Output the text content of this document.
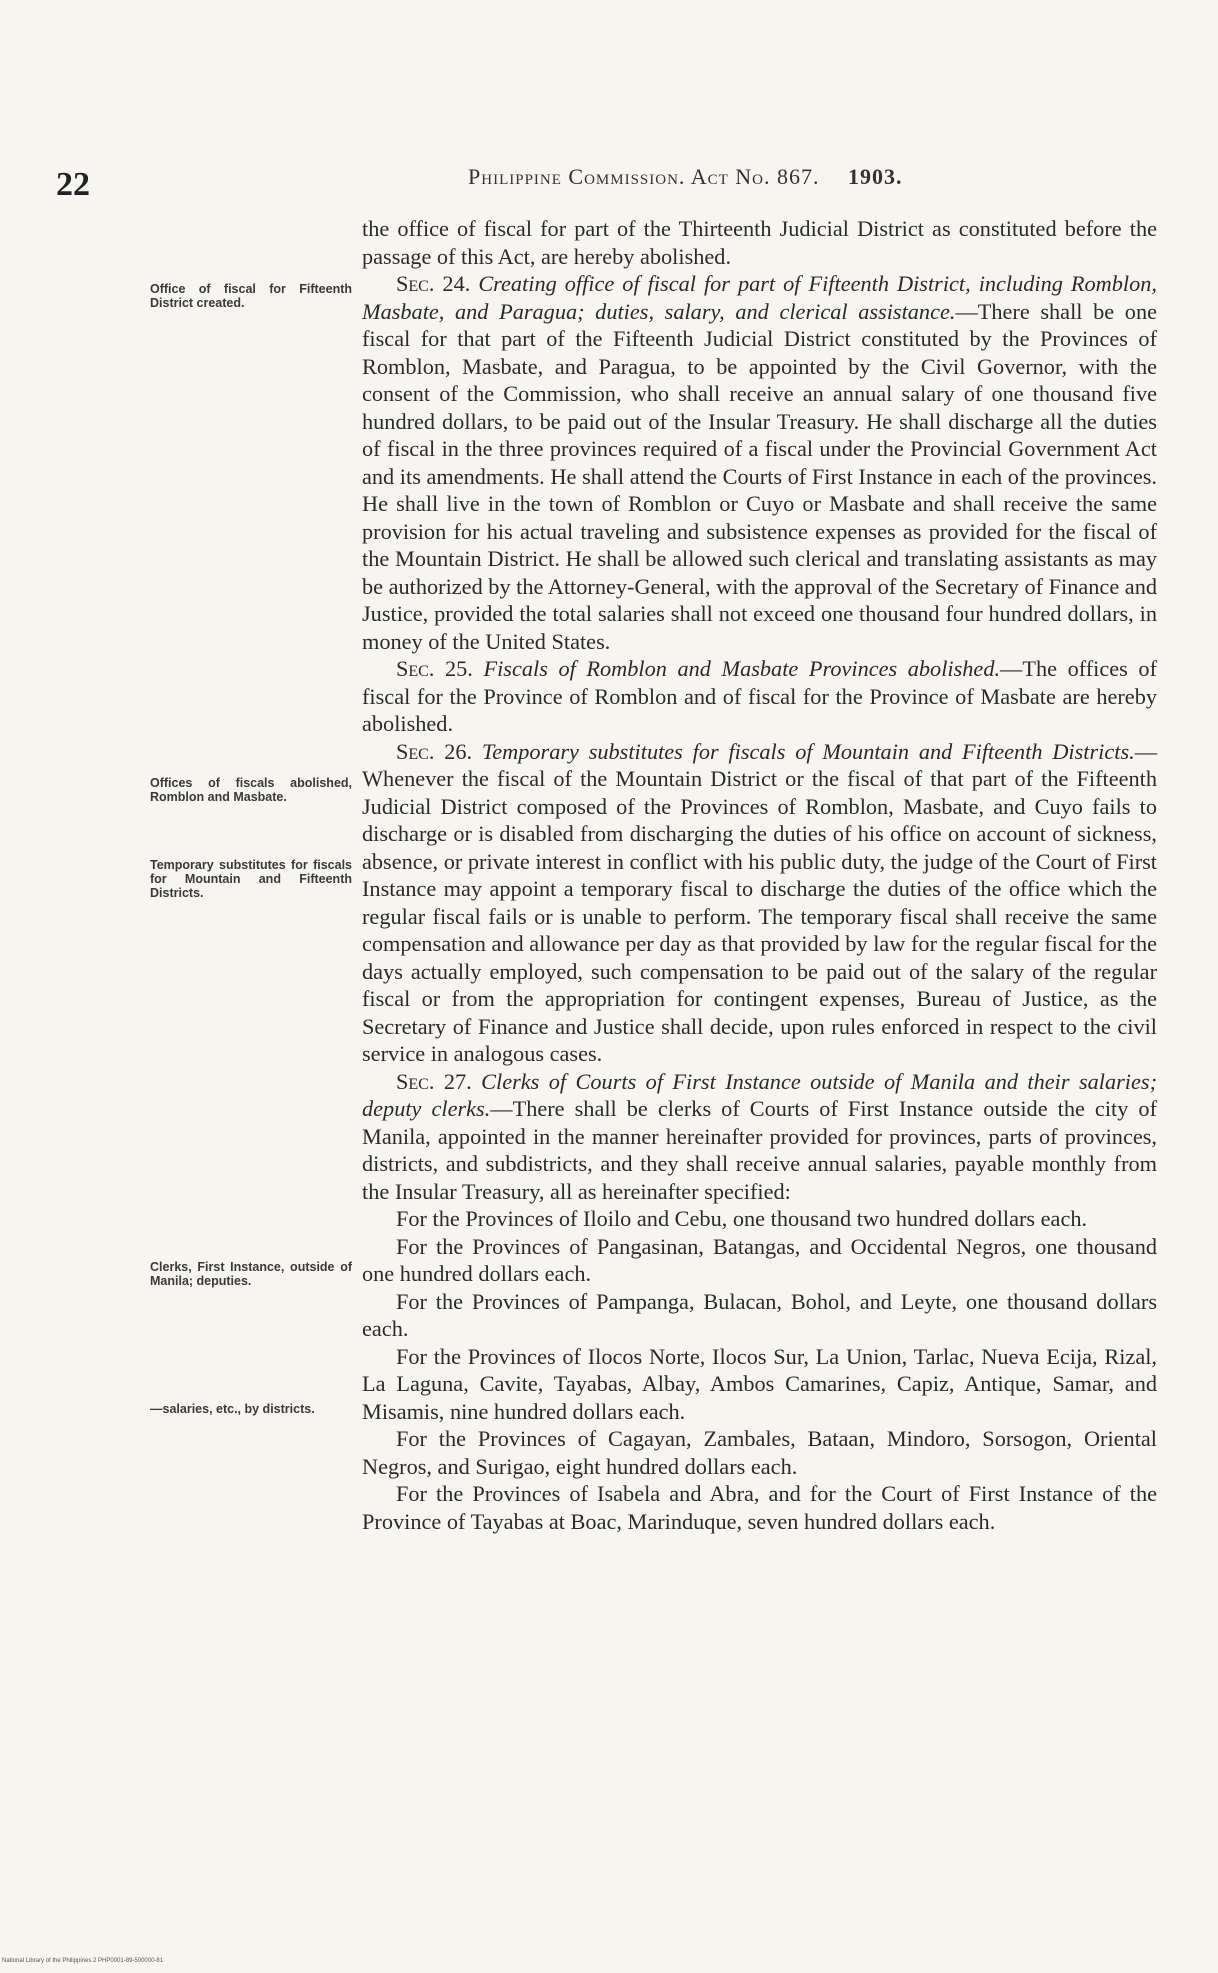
22	Philippine Commission. Act No. 867. 1903.
Office of fiscal for Fifteenth District created.
Offices of fiscals abolished, Romblon and Masbate.
Temporary substitutes for fiscals for Mountain and Fifteenth Districts.
Clerks, First Instance, outside of Manila; deputies.
—salaries, etc., by districts.

the office of fiscal for part of the Thirteenth Judicial District as constituted before the passage of this Act, are hereby abolished.

Sec. 24. Creating office of fiscal for part of Fifteenth District, including Romblon, Masbate, and Paragua; duties, salary, and clerical assistance.—There shall be one fiscal for that part of the Fifteenth Judicial District constituted by the Provinces of Romblon, Masbate, and Paragua, to be appointed by the Civil Governor, with the consent of the Commission, who shall receive an annual salary of one thousand five hundred dollars, to be paid out of the Insular Treasury. He shall discharge all the duties of fiscal in the three provinces required of a fiscal under the Provincial Government Act and its amendments. He shall attend the Courts of First Instance in each of the provinces. He shall live in the town of Romblon or Cuyo or Masbate and shall receive the same provision for his actual traveling and subsistence expenses as provided for the fiscal of the Mountain District. He shall be allowed such clerical and translating assistants as may be authorized by the Attorney-General, with the approval of the Secretary of Finance and Justice, provided the total salaries shall not exceed one thousand four hundred dollars, in money of the United States.

Sec. 25. Fiscals of Romblon and Masbate Provinces abolished.—The offices of fiscal for the Province of Romblon and of fiscal for the Province of Masbate are hereby abolished.

Sec. 26. Temporary substitutes for fiscals of Mountain and Fifteenth Districts.—Whenever the fiscal of the Mountain District or the fiscal of that part of the Fifteenth Judicial District composed of the Provinces of Romblon, Masbate, and Cuyo fails to discharge or is disabled from discharging the duties of his office on account of sickness, absence, or private interest in conflict with his public duty, the judge of the Court of First Instance may appoint a temporary fiscal to discharge the duties of the office which the regular fiscal fails or is unable to perform. The temporary fiscal shall receive the same compensation and allowance per day as that provided by law for the regular fiscal for the days actually employed, such compensation to be paid out of the salary of the regular fiscal or from the appropriation for contingent expenses, Bureau of Justice, as the Secretary of Finance and Justice shall decide, upon rules enforced in respect to the civil service in analogous cases.

Sec. 27. Clerks of Courts of First Instance outside of Manila and their salaries; deputy clerks.—There shall be clerks of Courts of First Instance outside the city of Manila, appointed in the manner hereinafter provided for provinces, parts of provinces, districts, and subdistricts, and they shall receive annual salaries, payable monthly from the Insular Treasury, all as hereinafter specified:

For the Provinces of Iloilo and Cebu, one thousand two hundred dollars each.

For the Provinces of Pangasinan, Batangas, and Occidental Negros, one thousand one hundred dollars each.

For the Provinces of Pampanga, Bulacan, Bohol, and Leyte, one thousand dollars each.

For the Provinces of Ilocos Norte, Ilocos Sur, La Union, Tarlac, Nueva Ecija, Rizal, La Laguna, Cavite, Tayabas, Albay, Ambos Camarines, Capiz, Antique, Samar, and Misamis, nine hundred dollars each.

For the Provinces of Cagayan, Zambales, Bataan, Mindoro, Sorsogon, Oriental Negros, and Surigao, eight hundred dollars each.

For the Provinces of Isabela and Abra, and for the Court of First Instance of the Province of Tayabas at Boac, Marinduque, seven hundred dollars each.

National Library of the Philippines 2 PHP0001-89-500000-81
